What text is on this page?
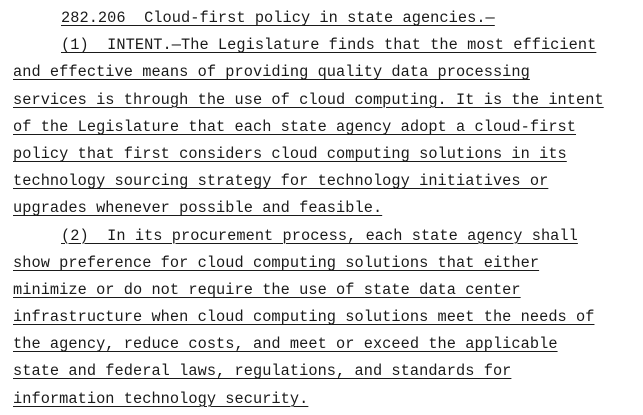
282.206  Cloud-first policy in state agencies.—
(1)  INTENT.—The Legislature finds that the most efficient
and effective means of providing quality data processing
services is through the use of cloud computing. It is the intent
of the Legislature that each state agency adopt a cloud-first
policy that first considers cloud computing solutions in its
technology sourcing strategy for technology initiatives or
upgrades whenever possible and feasible.
(2)  In its procurement process, each state agency shall
show preference for cloud computing solutions that either
minimize or do not require the use of state data center
infrastructure when cloud computing solutions meet the needs of
the agency, reduce costs, and meet or exceed the applicable
state and federal laws, regulations, and standards for
information technology security.
